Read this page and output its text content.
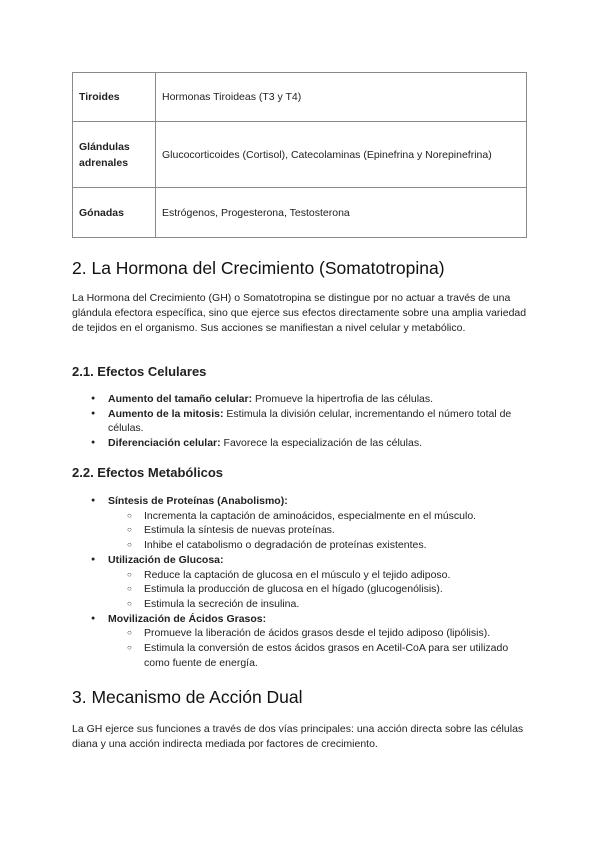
Tiroides	Hormonas Tiroideas (T3 y T4)
Glándulas adrenales	Glucocorticoides (Cortisol), Catecolaminas (Epinefrina y Norepinefrina)
Gónadas	Estrógenos, Progesterona, Testosterona
2. La Hormona del Crecimiento (Somatotropina)

La Hormona del Crecimiento (GH) o Somatotropina se distingue por no actuar a través de una glándula efectora específica, sino que ejerce sus efectos directamente sobre una amplia variedad de tejidos en el organismo. Sus acciones se manifiestan a nivel celular y metabólico.

2.1. Efectos Celulares
● Aumento del tamaño celular: Promueve la hipertrofia de las células.
● Aumento de la mitosis: Estimula la división celular, incrementando el número total de células.
● Diferenciación celular: Favorece la especialización de las células.
2.2. Efectos Metabólicos
● Síntesis de Proteínas (Anabolismo):
○ Incrementa la captación de aminoácidos, especialmente en el músculo.
○ Estimula la síntesis de nuevas proteínas.
○ Inhibe el catabolismo o degradación de proteínas existentes.
● Utilización de Glucosa:
○ Reduce la captación de glucosa en el músculo y el tejido adiposo.
○ Estimula la producción de glucosa en el hígado (glucogenólisis).
○ Estimula la secreción de insulina.
● Movilización de Ácidos Grasos:
○ Promueve la liberación de ácidos grasos desde el tejido adiposo (lipólisis).
○ Estimula la conversión de estos ácidos grasos en Acetil-CoA para ser utilizado como fuente de energía.
3. Mecanismo de Acción Dual

La GH ejerce sus funciones a través de dos vías principales: una acción directa sobre las células diana y una acción indirecta mediada por factores de crecimiento.
